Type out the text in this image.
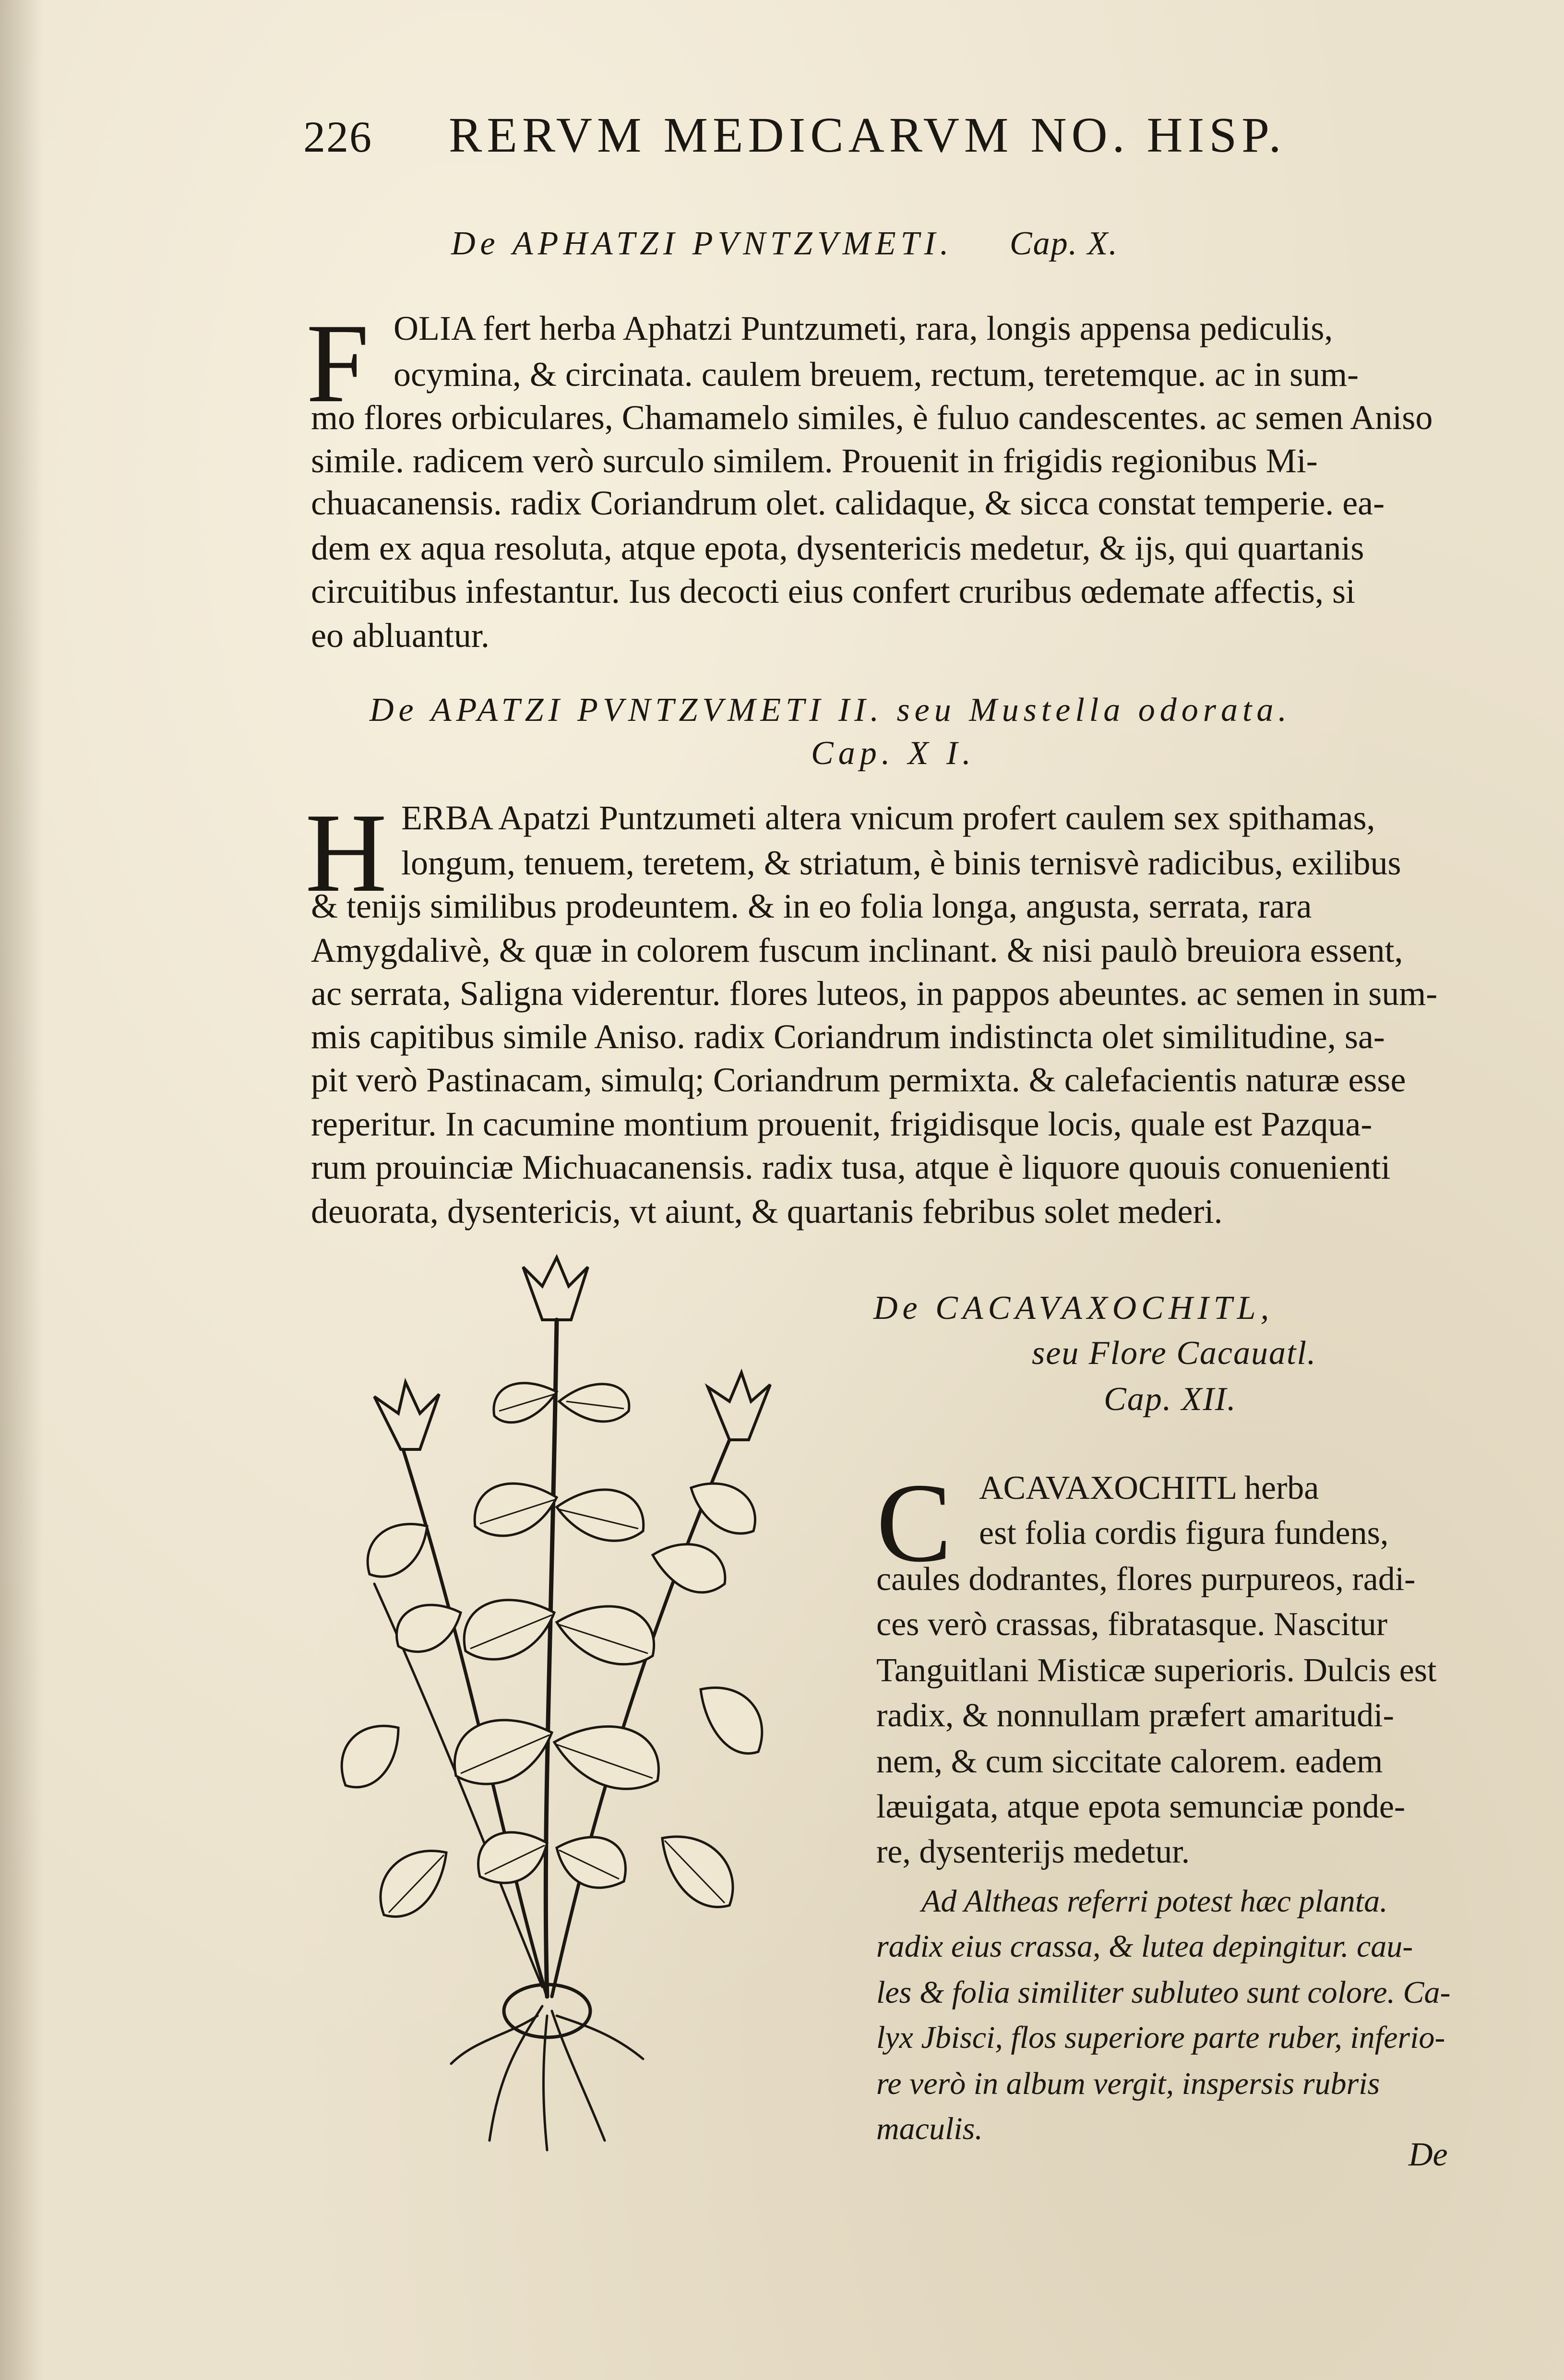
226 RERVM MEDICARVM NO. HISP.
De APHATZI PVNTZVMETI. Cap. X.
F OLIA fert herba Aphatzi Puntzumeti, rara, longis appensa pediculis,
ocymina, & circinata. caulem breuem, rectum, teretemque. ac in sum-
mo flores orbiculares, Chamamelo similes, è fuluo candescentes. ac semen Aniso
simile. radicem verò surculo similem. Prouenit in frigidis regionibus Mi-
chuacanensis. radix Coriandrum olet. calidaque, & sicca constat temperie. ea-
dem ex aqua resoluta, atque epota, dysentericis medetur, & ijs, qui quartanis
circuitibus infestantur. Ius decocti eius confert cruribus œdemate affectis, si
eo abluantur.
De APATZI PVNTZVMETI II. seu Mustella odorata.
Cap. X I.
H ERBA Apatzi Puntzumeti altera vnicum profert caulem sex spithamas,
longum, tenuem, teretem, & striatum, è binis ternisvè radicibus, exilibus
& tenijs similibus prodeuntem. & in eo folia longa, angusta, serrata, rara
Amygdalivè, & quæ in colorem fuscum inclinant. & nisi paulò breuiora essent,
ac serrata, Saligna viderentur. flores luteos, in pappos abeuntes. ac semen in sum-
mis capitibus simile Aniso. radix Coriandrum indistincta olet similitudine, sa-
pit verò Pastinacam, simulq; Coriandrum permixta. & calefacientis naturæ esse
reperitur. In cacumine montium prouenit, frigidisque locis, quale est Pazqua-
rum prouinciæ Michuacanensis. radix tusa, atque è liquore quouis conuenienti
deuorata, dysentericis, vt aiunt, & quartanis febribus solet mederi.
De CACAVAXOCHITL,
seu Flore Cacauatl.
Cap. XII.
C ACAVAXOCHITL herba
est folia cordis figura fundens,
caules dodrantes, flores purpureos, radi-
ces verò crassas, fibratasque. Nascitur
Tanguitlani Misticæ superioris. Dulcis est
radix, & nonnullam præfert amaritudi-
nem, & cum siccitate calorem. eadem
læuigata, atque epota semunciæ ponde-
re, dysenterijs medetur.
Ad Altheas referri potest hæc planta.
radix eius crassa, & lutea depingitur. cau-
les & folia similiter subluteo sunt colore. Ca-
lyx Jbisci, flos superiore parte ruber, inferio-
re verò in album vergit, inspersis rubris
maculis.
De
